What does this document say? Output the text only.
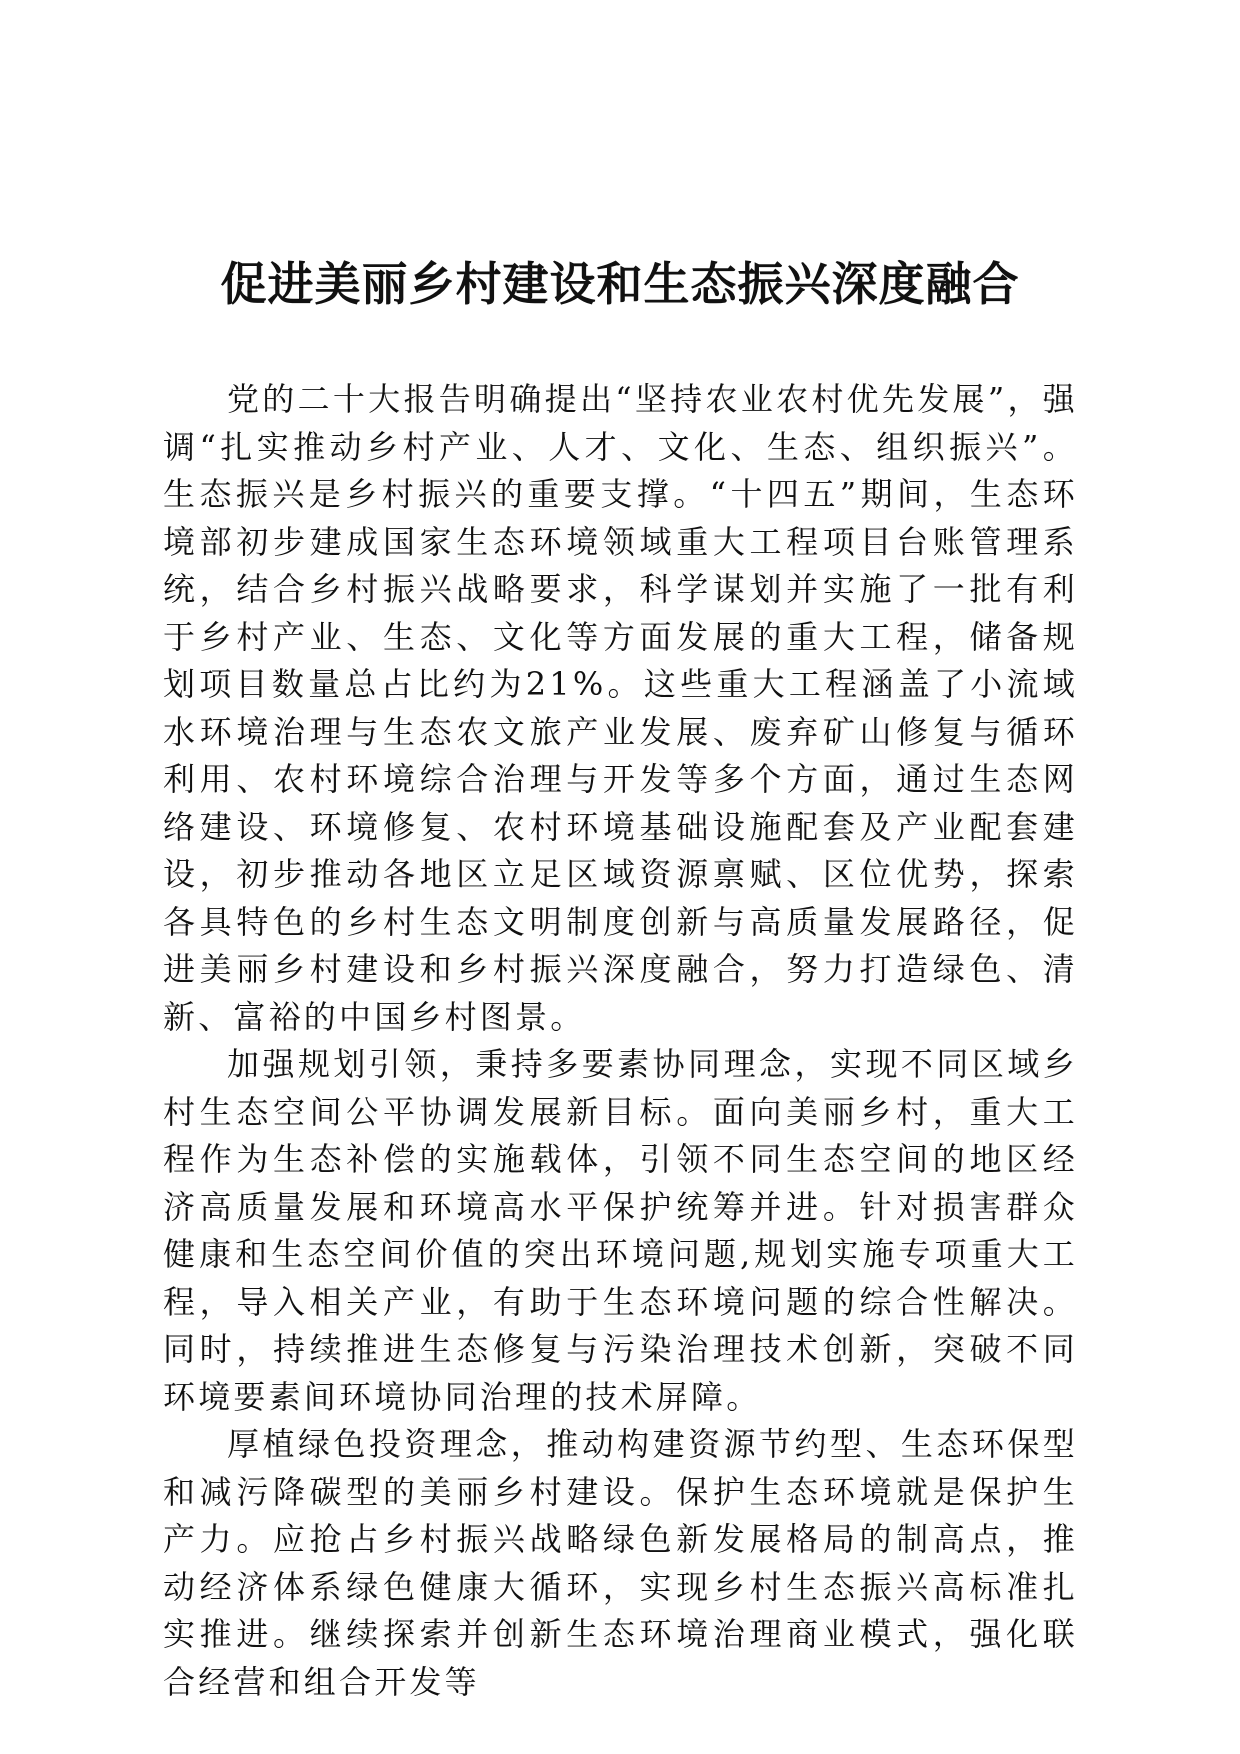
促进美丽乡村建设和生态振兴深度融合

党的二十大报告明确提出“坚持农业农村优先发展”，强调“扎实推动乡村产业、人才、文化、生态、组织振兴”。生态振兴是乡村振兴的重要支撑。“十四五”期间，生态环境部初步建成国家生态环境领域重大工程项目台账管理系统，结合乡村振兴战略要求，科学谋划并实施了一批有利于乡村产业、生态、文化等方面发展的重大工程，储备规划项目数量总占比约为21%。这些重大工程涵盖了小流域水环境治理与生态农文旅产业发展、废弃矿山修复与循环利用、农村环境综合治理与开发等多个方面，通过生态网络建设、环境修复、农村环境基础设施配套及产业配套建设，初步推动各地区立足区域资源禀赋、区位优势，探索各具特色的乡村生态文明制度创新与高质量发展路径，促进美丽乡村建设和乡村振兴深度融合，努力打造绿色、清新、富裕的中国乡村图景。

加强规划引领，秉持多要素协同理念，实现不同区域乡村生态空间公平协调发展新目标。面向美丽乡村，重大工程作为生态补偿的实施载体，引领不同生态空间的地区经济高质量发展和环境高水平保护统筹并进。针对损害群众健康和生态空间价值的突出环境问题,规划实施专项重大工程，导入相关产业，有助于生态环境问题的综合性解决。同时，持续推进生态修复与污染治理技术创新，突破不同环境要素间环境协同治理的技术屏障。

厚植绿色投资理念，推动构建资源节约型、生态环保型和减污降碳型的美丽乡村建设。保护生态环境就是保护生产力。应抢占乡村振兴战略绿色新发展格局的制高点，推动经济体系绿色健康大循环，实现乡村生态振兴高标准扎实推进。继续探索并创新生态环境治理商业模式，强化联合经营和组合开发等
